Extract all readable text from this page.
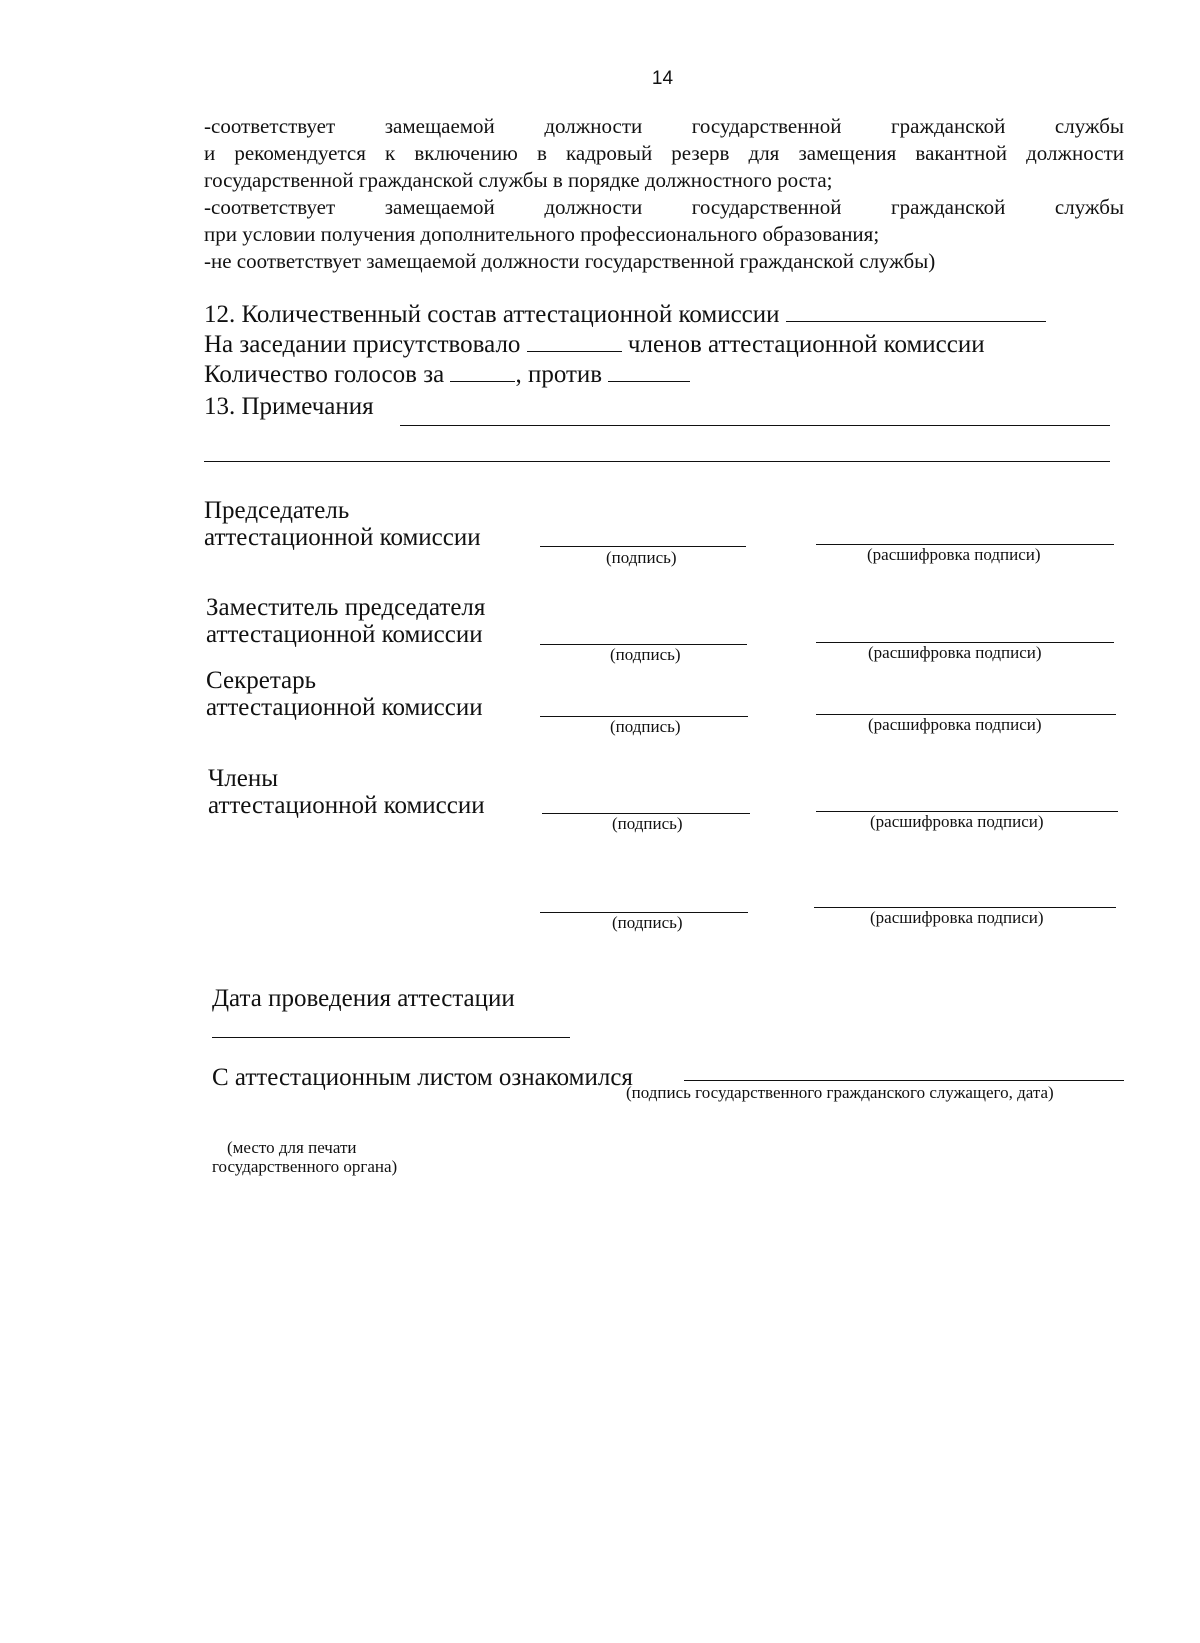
14
-соответствует замещаемой должности государственной гражданской службы
и рекомендуется к включению в кадровый резерв для замещения вакантной должности государственной гражданской службы в порядке должностного роста;
-соответствует замещаемой должности государственной гражданской службы
при условии получения дополнительного профессионального образования;
-не соответствует замещаемой должности государственной гражданской службы)
12. Количественный состав аттестационной комиссии
На заседании присутствовало	членов аттестационной комиссии
Количество голосов за	, против
13. Примечания
Председатель
аттестационной комиссии
(подпись)	(расшифровка подписи)
Заместитель председателя
аттестационной комиссии
(подпись)	(расшифровка подписи)
Секретарь
аттестационной комиссии
(подпись)	(расшифровка подписи)
Члены
аттестационной комиссии
(подпись)	(расшифровка подписи)
(подпись)	(расшифровка подписи)
Дата проведения аттестации
С аттестационным листом ознакомился
(подпись государственного гражданского служащего, дата)
(место для печати
государственного органа)
